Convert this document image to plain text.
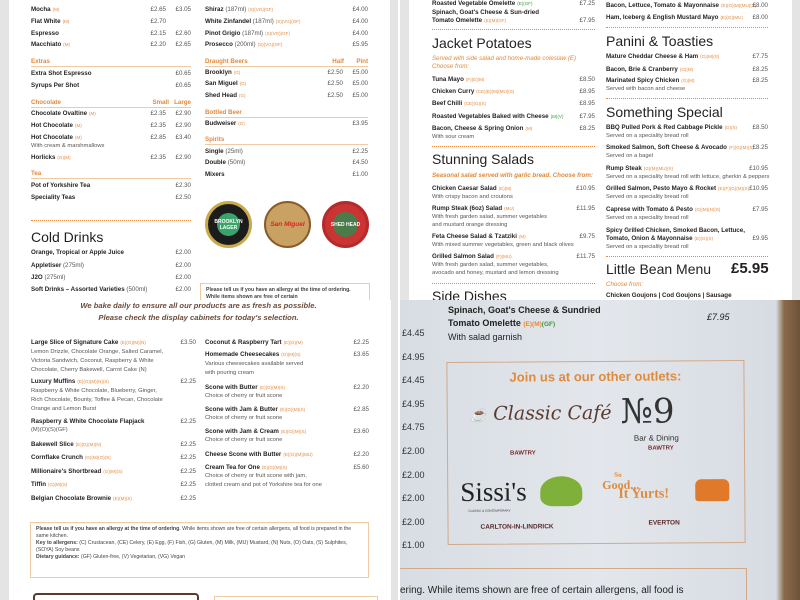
Mocha (M)	£2.65 £3.05
Flat White (M)	£2.70
Espresso	£2.15 £2.60
Macchiato (M)	£2.20 £2.65
Extras
Extra Shot Espresso	£0.65
Syrups Per Shot	£0.65
Chocolate	Small Large
Chocolate Ovaltine (M)	£2.35 £2.90
Hot Chocolate (M)	£2.35 £2.90
Hot Chocolate (M)	£2.85 £3.40
With cream & marshmallows
Horlicks (G)(M)	£2.35 £2.90
Tea
Pot of Yorkshire Tea	£2.30
Speciality Teas	£2.50
Cold Drinks
Orange, Tropical or Apple Juice	£2.00
Appletiser (275ml)	£2.00
J2O (275ml)	£2.00
Soft Drinks – Assorted Varieties (500ml)	£2.00
Shiraz (187ml) (S)(VG)(GF)	£4.00
White Zinfandel (187ml) (S)(VG)(GF)	£4.00
Pinot Grigio (187ml) (S)(VG)(GF)	£4.00
Prosecco (200ml) (S)(VG)(GF)	£5.95
Draught Beers	Half Pint
Brooklyn (G)	£2.50 £5.00
San Miguel (G)	£2.50 £5.00
Shed Head (G)	£2.50 £5.00
Bottled Beer
Budweiser (G)	£3.95
Spirits
Single (25ml)	£2.25
Double (50ml)	£4.50
Mixers	£1.00
BROOKLYN LAGER	San Miguel	SHED HEAD
Please tell us if you have an allergy at the time of ordering. While items shown are free of certain
Roasted Vegetable Omelette (E)(GF)	£7.25
Spinach, Goat's Cheese & Sun-dried
Tomato Omelette (E)(M)(GF)	£7.95
Jacket Potatoes
Served with side salad and home-made coleslaw (E)
Choose from:
Tuna Mayo (F)(E)(M)	£8.50
Chicken Curry (CE)(E)(M)(MU)(S)	£8.95
Beef Chilli (CE)(G)(S)	£8.95
Roasted Vegetables Baked with Cheese (M)(V)	£7.95
Bacon, Cheese & Spring Onion (M)	£8.25
With sour cream
Stunning Salads
Seasonal salad served with garlic bread. Choose from:
Chicken Caesar Salad (E)(M)	£10.95
With crispy bacon and croutons
Rump Steak (6oz) Salad (MU)	£11.95
With fresh garden salad, summer vegetables
and mustard orange dressing
Feta Cheese Salad & Tzatziki (M)	£9.75
With mixed summer vegetables, green and black olives
Grilled Salmon Salad (F)(MU)	£11.75
With fresh garden salad, summer vegetables,
avocado and honey, mustard and lemon dressing
Side Dishes
Bacon, Lettuce, Tomato & Mayonnaise (E)(G)(M)(MU)(S)
£8.00
Ham, Iceberg & English Mustard Mayo (E)(G)(MU) £8.00
Panini & Toasties
Mature Cheddar Cheese & Ham (G)(M)(S)	£7.75
Bacon, Brie & Cranberry (G)(M)	£8.25
Marinated Spicy Chicken (G)(M)	£8.25
Served with bacon and cheese
Something Special
BBQ Pulled Pork & Red Cabbage Pickle (G)(S) £8.50
Served on a speciality bread roll
Smoked Salmon, Soft Cheese & Avocado (F)(G)(M)(S)
£8.25
Served on a bagel
Rump Steak (G)(M)(MU)(S)	£10.95
Served on a speciality bread roll with lettuce, gherkin & peppers
Grilled Salmon, Pesto Mayo & Rocket (E)(F)(G)(M)(S) £10.95
Served on a speciality bread roll
Caprese with Tomato & Pesto (G)(M)(N)(S)	£7.95
Served on a speciality bread roll
Spicy Grilled Chicken, Smoked Bacon, Lettuce,
Tomato, Onion & Mayonnaise (E)(G)(S)	£9.95
Served on a speciality bread roll
Little Bean Menu £5.95
Choose from:
Chicken Goujons | Cod Goujons | Sausage
We bake daily to ensure all our products are as fresh as possible.
Please check the display cabinets for today's selection.
Large Slice of Signature Cake (E)(G)(M)(N)	£3.50
Lemon Drizzle, Chocolate Orange, Salted Caramel,
Victoria Sandwich, Coconut, Raspberry & White
Chocolate, Cherry Bakewell, Carrot Cake (N)
Luxury Muffins (E)(G)(M)(N)(S)	£2.25
Raspberry & White Chocolate, Blueberry, Ginger,
Rich Chocolate, Bounty, Toffee & Pecan, Chocolate
Orange and Lemon Burst
Raspberry & White Chocolate Flapjack	£2.25
(M)(O)(S)(GF)
Bakewell Slice (E)(G)(M)(N)	£2.25
Cornflake Crunch (G)(M)(O)(S)	£2.25
Millionaire's Shortbread (G)(M)(S)	£2.25
Tiffin (G)(M)(S)	£2.25
Belgian Chocolate Brownie (E)(M)(S)	£2.25
Coconut & Raspberry Tart (E)(G)(M)	£2.25
Homemade Cheesecakes (G)(M)(S)	£3.65
Various cheesecakes available served
with pouring cream
Scone with Butter (E)(G)(M)(S)	£2.20
Choice of cherry or fruit scone
Scone with Jam & Butter (E)(G)(M)(S)	£2.85
Choice of cherry or fruit scone
Scone with Jam & Cream (E)(G)(M)(S)	£3.60
Choice of cherry or fruit scone
Cheese Scone with Butter (E)(G)(M)(MU)	£2.20
Cream Tea for One (E)(G)(M)(S)	£5.60
Choice of cherry or fruit scone with jam,
clotted cream and pot of Yorkshire tea for one
Please tell us if you have an allergy at the time of ordering. While items shown are free of certain allergens, all food is prepared in the same kitchen.
Key to allergens: (C) Crustacean, (CE) Celery, (E) Egg, (F) Fish, (G) Gluten, (M) Milk, (MU) Mustard, (N) Nuts, (O) Oats, (S) Sulphites, (SOYA) Soy beans
Dietary guidance: (GF) Gluten-free, (V) Vegetarian, (VG) Vegan
£4.45
£4.95
£4.45
£4.95
£4.75
£2.00
£2.00
£2.00
£2.00
£1.00
Spinach, Goat's Cheese & Sundried
Tomato Omelette (E)(M)(GF)
With salad garnish
£7.95
Join us at our other outlets:
☕ Classic Café
BAWTRY
№9
Bar & Dining
BAWTRY
Sissi's
CLASSIC & CONTEMPORARY
CARLTON-IN-LINDRICK
So
Good...
It Yurts!
EVERTON
ering. While items shown are free of certain allergens, all food is
